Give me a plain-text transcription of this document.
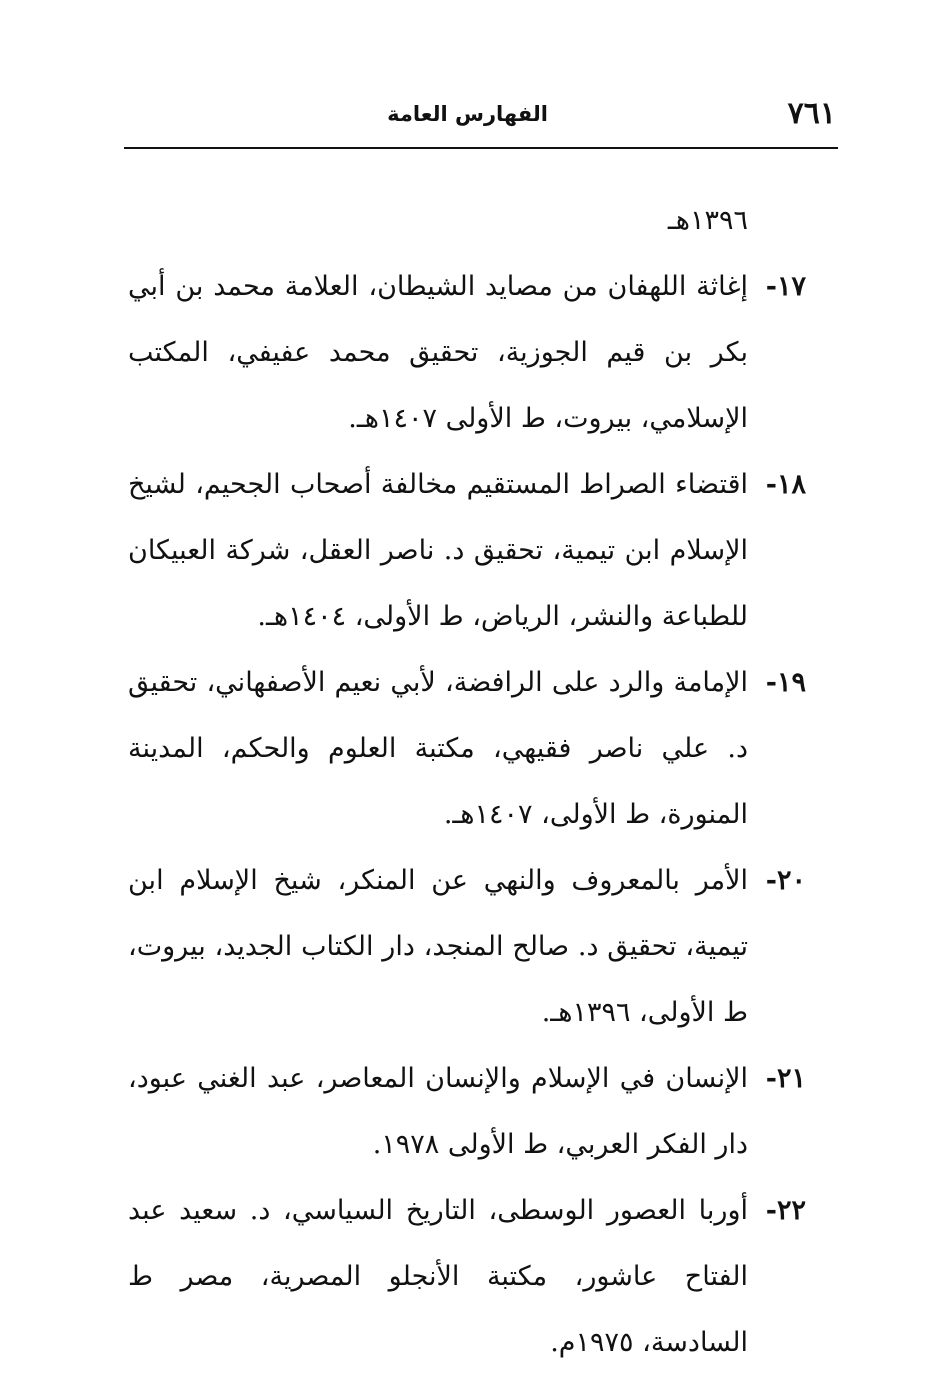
٧٦١
الفهارس العامة

١٣٩٦هـ

١٧-
إغاثة اللهفان من مصايد الشيطان، العلامة محمد بن أبي بكر بن قيم الجوزية، تحقيق محمد عفيفي، المكتب الإسلامي، بيروت، ط الأولى ١٤٠٧هـ.

١٨-
اقتضاء الصراط المستقيم مخالفة أصحاب الجحيم، لشيخ الإسلام ابن تيمية، تحقيق د. ناصر العقل، شركة العبيكان للطباعة والنشر، الرياض، ط الأولى، ١٤٠٤هـ.

١٩-
الإمامة والرد على الرافضة، لأبي نعيم الأصفهاني، تحقيق د. علي ناصر فقيهي، مكتبة العلوم والحكم، المدينة المنورة، ط الأولى، ١٤٠٧هـ.

٢٠-
الأمر بالمعروف والنهي عن المنكر، شيخ الإسلام ابن تيمية، تحقيق د. صالح المنجد، دار الكتاب الجديد، بيروت، ط الأولى، ١٣٩٦هـ.

٢١-
الإنسان في الإسلام والإنسان المعاصر، عبد الغني عبود، دار الفكر العربي، ط الأولى ١٩٧٨.

٢٢-
أوربا العصور الوسطى، التاريخ السياسي، د. سعيد عبد الفتاح عاشور، مكتبة الأنجلو المصرية، مصر ط السادسة، ١٩٧٥م.
